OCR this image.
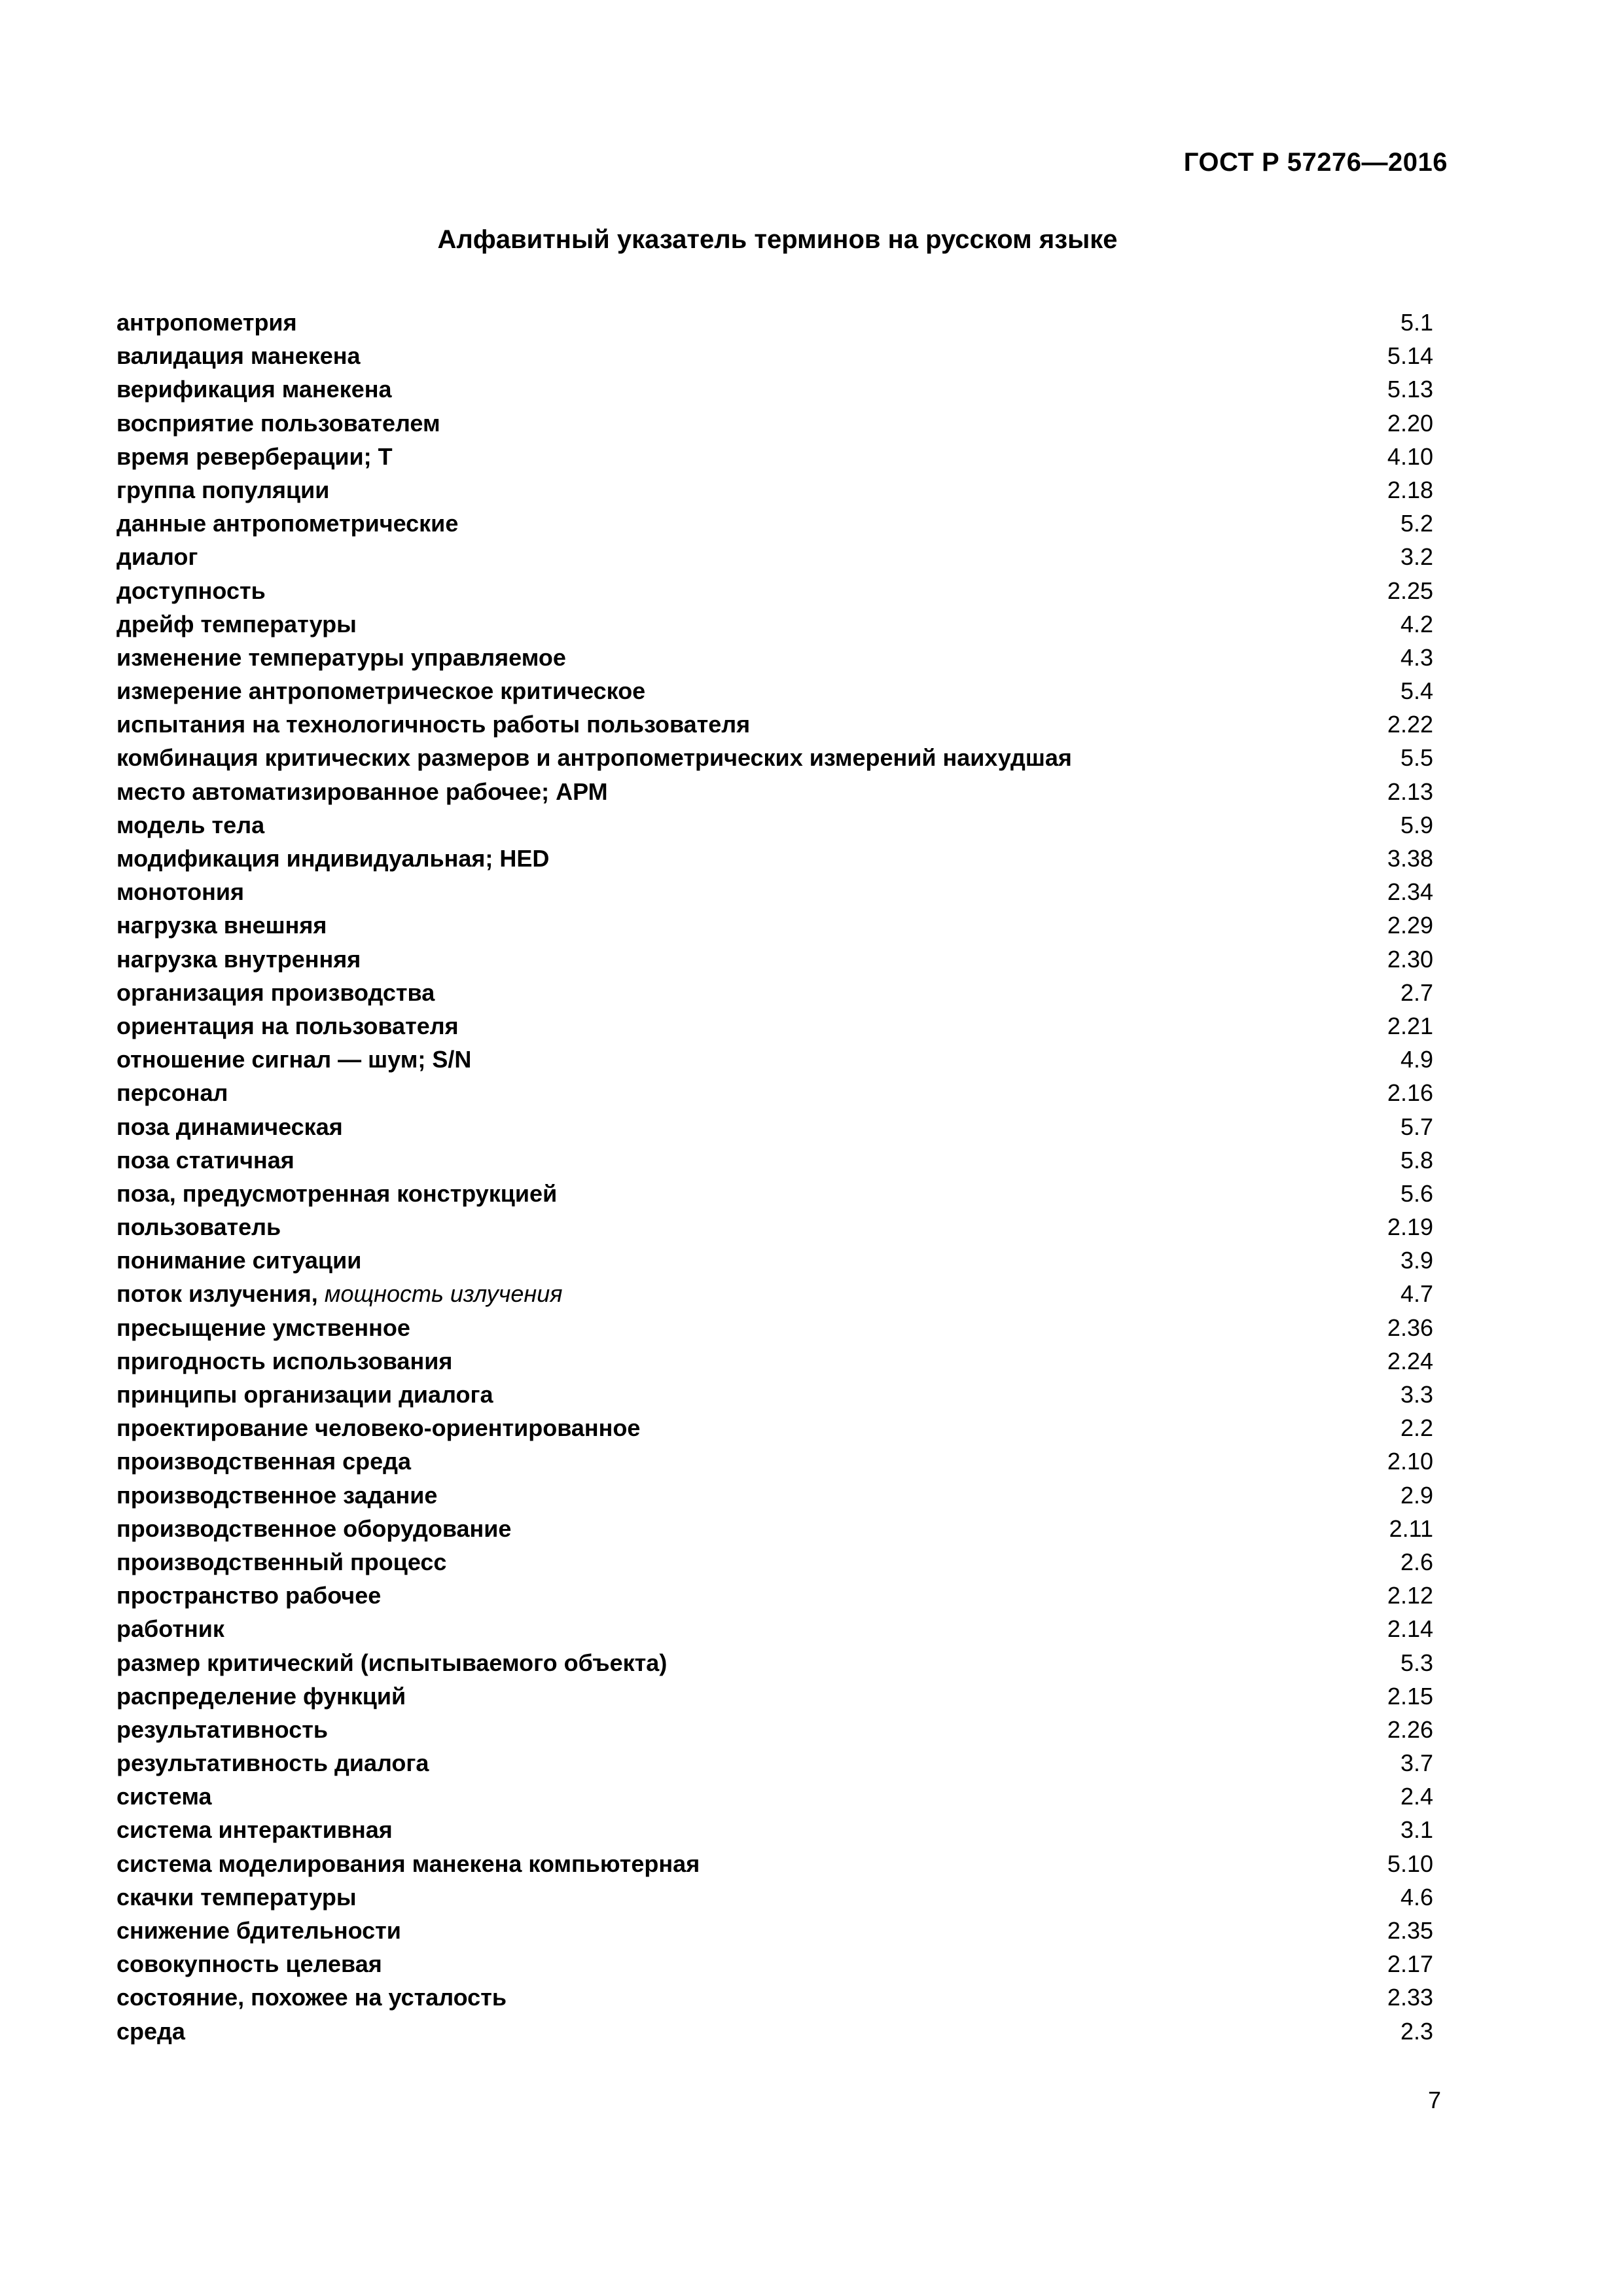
ГОСТ Р 57276—2016
Алфавитный указатель терминов на русском языке
антропометрия	5.1
валидация манекена	5.14
верификация манекена	5.13
восприятие пользователем	2.20
время реверберации; T	4.10
группа популяции	2.18
данные антропометрические	5.2
диалог	3.2
доступность	2.25
дрейф температуры	4.2
изменение температуры управляемое	4.3
измерение антропометрическое критическое	5.4
испытания на технологичность работы пользователя	2.22
комбинация критических размеров и антропометрических измерений наихудшая	5.5
место автоматизированное рабочее; АРМ	2.13
модель тела	5.9
модификация индивидуальная; HED	3.38
монотония	2.34
нагрузка внешняя	2.29
нагрузка внутренняя	2.30
организация производства	2.7
ориентация на пользователя	2.21
отношение сигнал — шум; S/N	4.9
персонал	2.16
поза динамическая	5.7
поза статичная	5.8
поза, предусмотренная конструкцией	5.6
пользователь	2.19
понимание ситуации	3.9
поток излучения, мощность излучения	4.7
пресыщение умственное	2.36
пригодность использования	2.24
принципы организации диалога	3.3
проектирование человеко-ориентированное	2.2
производственная среда	2.10
производственное задание	2.9
производственное оборудование	2.11
производственный процесс	2.6
пространство рабочее	2.12
работник	2.14
размер критический (испытываемого объекта)	5.3
распределение функций	2.15
результативность	2.26
результативность диалога	3.7
система	2.4
система интерактивная	3.1
система моделирования манекена компьютерная	5.10
скачки температуры	4.6
снижение бдительности	2.35
совокупность целевая	2.17
состояние, похожее на усталость	2.33
среда	2.3
7
